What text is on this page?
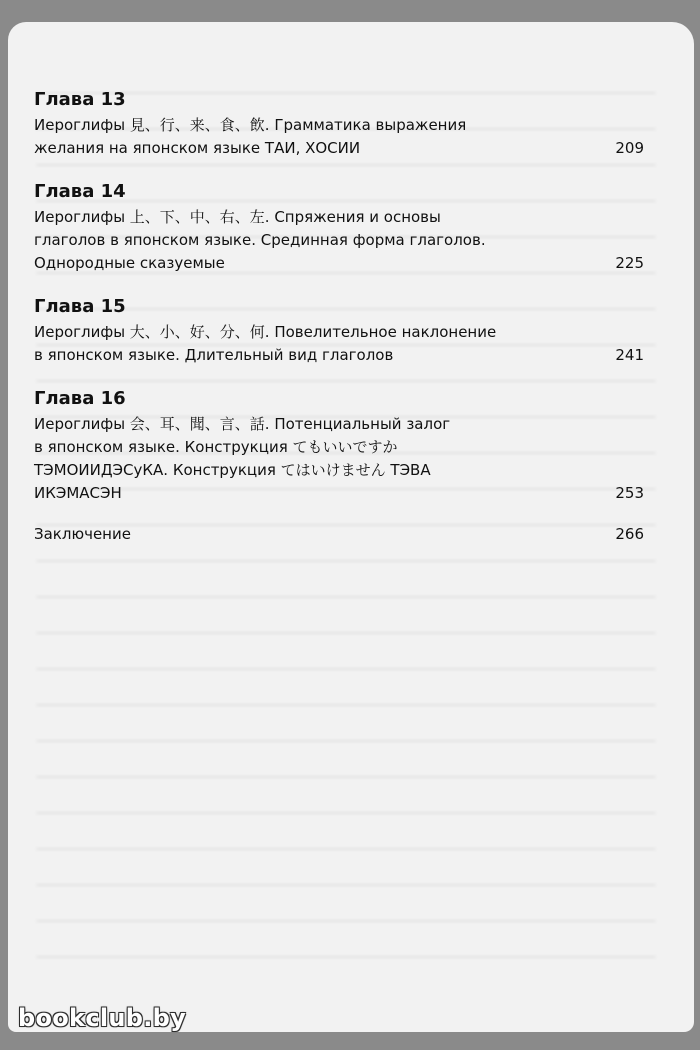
Глава 13
Иероглифы 見、行、来、食、飲. Грамматика выражения
желания на японском языке ТАИ, ХОСИИ	209
Глава 14
Иероглифы 上、下、中、右、左. Спряжения и основы
глаголов в японском языке. Срединная форма глаголов.
Однородные сказуемые	225
Глава 15
Иероглифы 大、小、好、分、何. Повелительное наклонение
в японском языке. Длительный вид глаголов	241
Глава 16
Иероглифы 会、耳、聞、言、話. Потенциальный залог
в японском языке. Конструкция てもいいですか
ТЭМОИИДЭСуКА. Конструкция てはいけません ТЭВА
ИКЭМАСЭН	253
Заключение	266
bookclub.by
